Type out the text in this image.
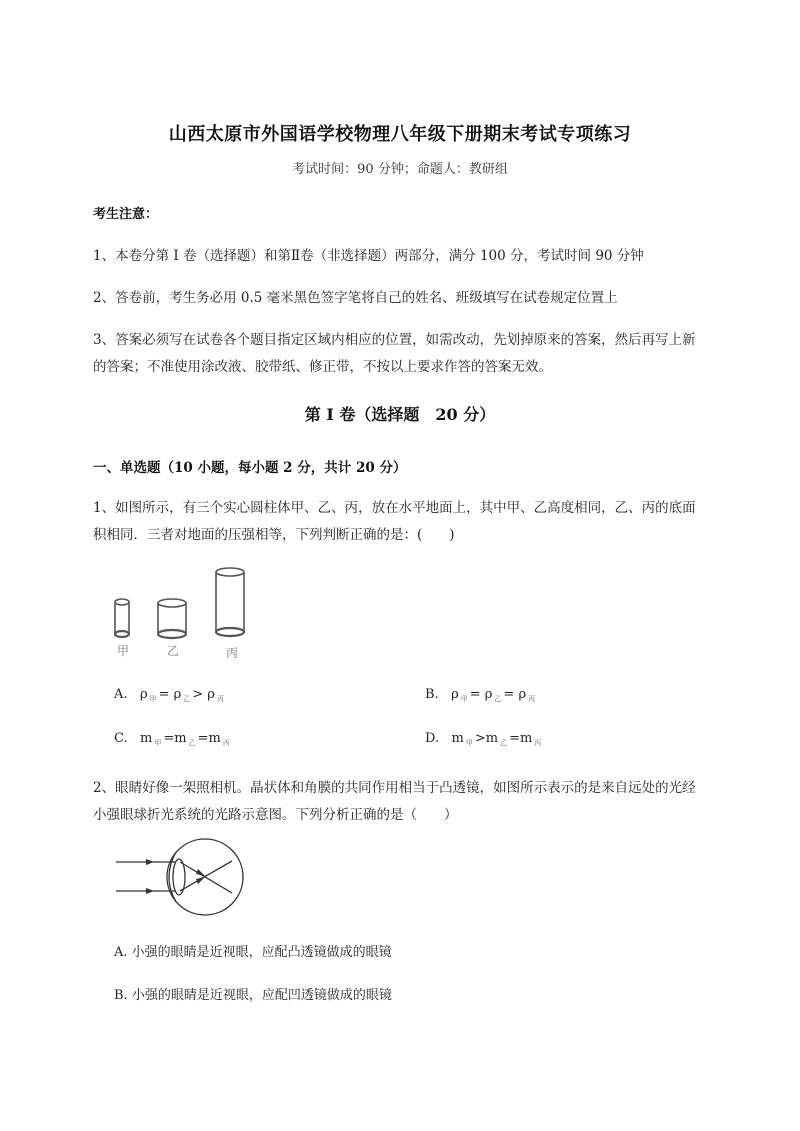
山西太原市外国语学校物理八年级下册期末考试专项练习
考试时间：90 分钟；命题人：教研组
考生注意：
1、本卷分第 I 卷（选择题）和第Ⅱ卷（非选择题）两部分，满分 100 分，考试时间 90 分钟
2、答卷前，考生务必用 0.5 毫米黑色签字笔将自己的姓名、班级填写在试卷规定位置上
3、答案必须写在试卷各个题目指定区域内相应的位置，如需改动，先划掉原来的答案，然后再写上新
的答案；不准使用涂改液、胶带纸、修正带，不按以上要求作答的答案无效。
第 I 卷（选择题　20 分）
一、单选题（10 小题，每小题 2 分，共计 20 分）
1、如图所示，有三个实心圆柱体甲、乙、丙，放在水平地面上，其中甲、乙高度相同，乙、丙的底面
积相同．三者对地面的压强相等，下列判断正确的是：(　　)
甲	乙	丙
A. ρ $_甲$ = ρ $_乙$ > ρ $_丙$	B. ρ $_甲$ = ρ $_乙$ = ρ $_丙$
C. m $_甲$ =m $_乙$ =m $_丙$	D. m $_甲$ >m $_乙$ =m $_丙$
2、眼睛好像一架照相机。晶状体和角膜的共同作用相当于凸透镜，如图所示表示的是来自远处的光经
小强眼球折光系统的光路示意图。下列分析正确的是（　　）
A. 小强的眼睛是近视眼，应配凸透镜做成的眼镜
B. 小强的眼睛是近视眼，应配凹透镜做成的眼镜
